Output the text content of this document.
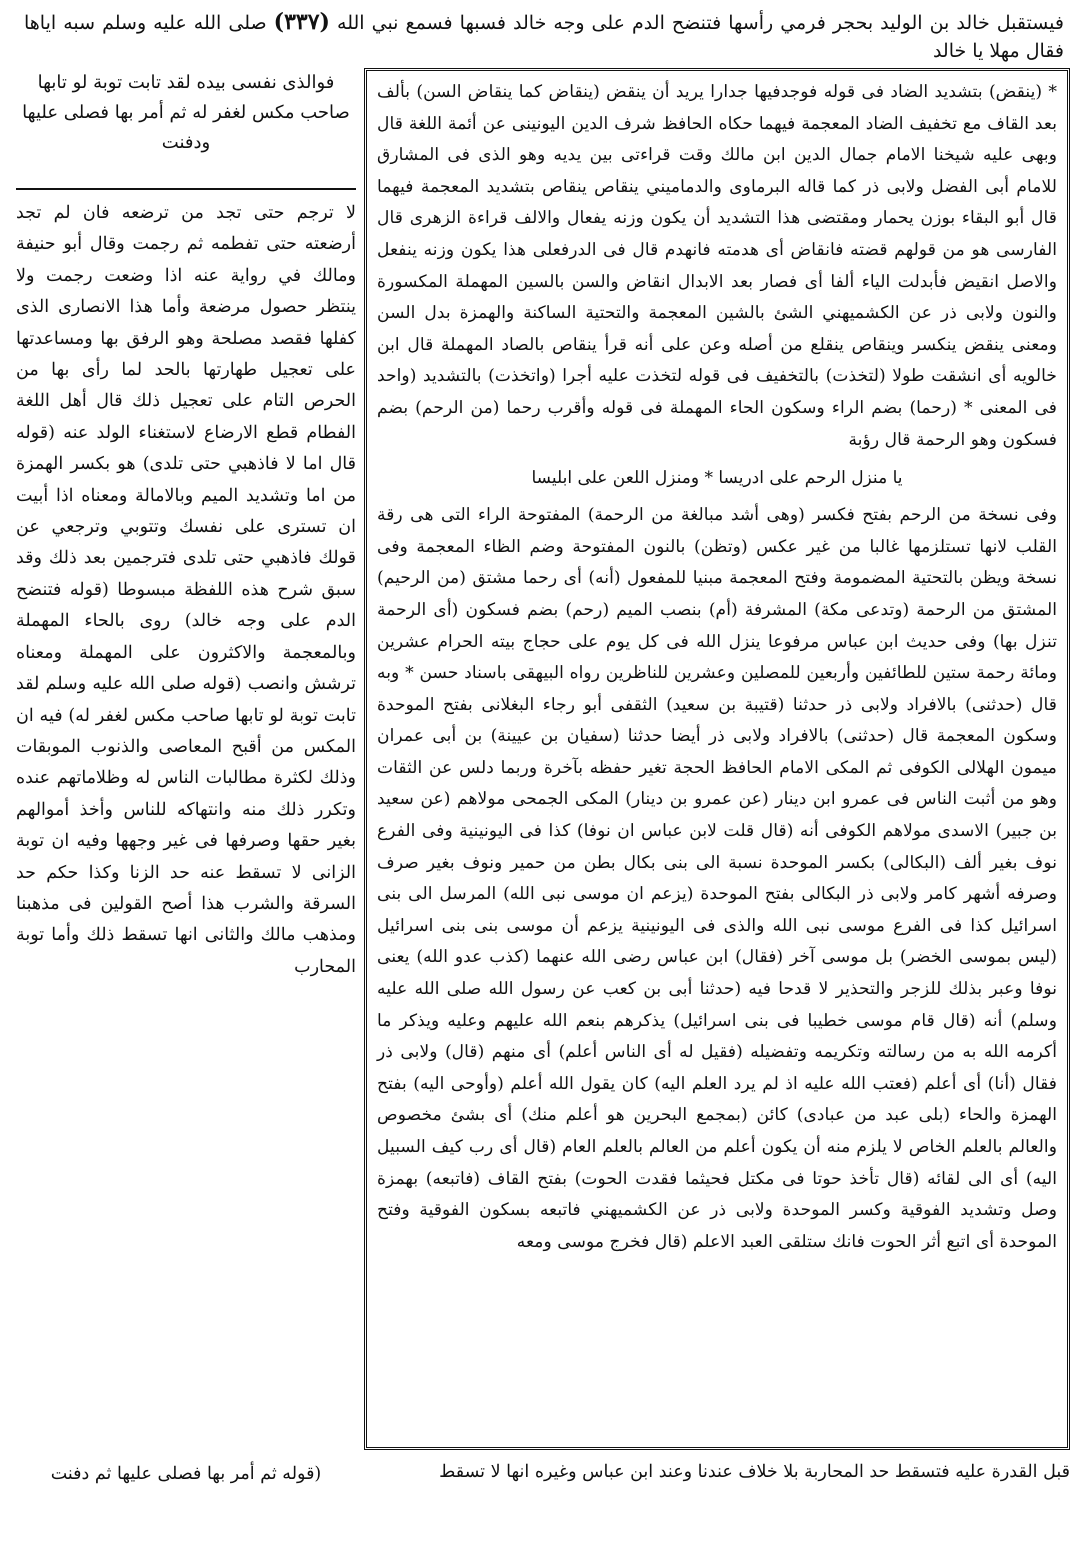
فيستقبل خالد بن الوليد بحجر فرمي رأسها فتنضح الدم على وجه خالد فسبها فسمع نبي الله (٣٣٧) صلى الله عليه وسلم سبه اياها فقال مهلا يا خالد
فوالذى نفسى بيده لقد تابت توبة لو تابها صاحب مكس لغفر له ثم أمر بها فصلى عليها ودفنت
لا ترجم حتى تجد من ترضعه فان لم تجد أرضعته حتى تفطمه ثم رجمت وقال أبو حنيفة ومالك في رواية عنه اذا وضعت رجمت ولا ينتظر حصول مرضعة وأما هذا الانصارى الذى كفلها فقصد مصلحة وهو الرفق بها ومساعدتها على تعجيل طهارتها بالحد لما رأى بها من الحرص التام على تعجيل ذلك قال أهل اللغة الفطام قطع الارضاع لاستغناء الولد عنه (قوله قال اما لا فاذهبي حتى تلدى) هو بكسر الهمزة من اما وتشديد الميم وبالامالة ومعناه اذا أبيت ان تسترى على نفسك وتتوبي وترجعي عن قولك فاذهبي حتى تلدى فترجمين بعد ذلك وقد سبق شرح هذه اللفظة مبسوطا (قوله فتنضح الدم على وجه خالد) روى بالحاء المهملة وبالمعجمة والاكثرون على المهملة ومعناه ترشش وانصب (قوله صلى الله عليه وسلم لقد تابت توبة لو تابها صاحب مكس لغفر له) فيه ان المكس من أقبح المعاصى والذنوب الموبقات وذلك لكثرة مطالبات الناس له وظلاماتهم عنده وتكرر ذلك منه وانتهاكه للناس وأخذ أموالهم بغير حقها وصرفها فى غير وجهها وفيه ان توبة الزانى لا تسقط عنه حد الزنا وكذا حكم حد السرقة والشرب هذا أصح القولين فى مذهبنا ومذهب مالك والثانى انها تسقط ذلك وأما توبة المحارب

* (ينقض) بتشديد الضاد فى قوله فوجدفيها جدارا يريد أن ينقض (ينقاض كما ينقاض السن) بألف بعد القاف مع تخفيف الضاد المعجمة فيهما حكاه الحافظ شرف الدين اليونينى عن أئمة اللغة قال وبهى عليه شيخنا الامام جمال الدين ابن مالك وقت قراءتى بين يديه وهو الذى فى المشارق للامام أبى الفضل ولابى ذر كما قاله البرماوى والدماميني ينقاص ينقاص بتشديد المعجمة فيهما قال أبو البقاء بوزن يحمار ومقتضى هذا التشديد أن يكون وزنه يفعال والالف قراءة الزهرى قال الفارسى هو من قولهم قضته فانقاض أى هدمته فانهدم قال فى الدرفعلى هذا يكون وزنه ينفعل والاصل انقيض فأبدلت الياء ألفا أى فصار بعد الابدال انقاض والسن بالسين المهملة المكسورة والنون ولابى ذر عن الكشميهني الشئ بالشين المعجمة والتحتية الساكنة والهمزة بدل السن ومعنى ينقض ينكسر وينقاص ينقلع من أصله وعن على أنه قرأ ينقاص بالصاد المهملة قال ابن خالويه أى انشقت طولا (لتخذت) بالتخفيف فى قوله لتخذت عليه أجرا (واتخذت) بالتشديد (واحد فى المعنى * (رحما) بضم الراء وسكون الحاء المهملة فى قوله وأقرب رحما (من الرحم) بضم فسكون وهو الرحمة قال رؤبة

يا منزل الرحم على ادريسا * ومنزل اللعن على ابليسا

وفى نسخة من الرحم بفتح فكسر (وهى أشد مبالغة من الرحمة) المفتوحة الراء التى هى رقة القلب لانها تستلزمها غالبا من غير عكس (وتظن) بالنون المفتوحة وضم الظاء المعجمة وفى نسخة ويظن بالتحتية المضمومة وفتح المعجمة مبنيا للمفعول (أنه) أى رحما مشتق (من الرحيم) المشتق من الرحمة (وتدعى مكة) المشرفة (أم) بنصب الميم (رحم) بضم فسكون (أى الرحمة تنزل بها) وفى حديث ابن عباس مرفوعا ينزل الله فى كل يوم على حجاج بيته الحرام عشرين ومائة رحمة ستين للطائفين وأربعين للمصلين وعشرين للناظرين رواه البيهقى باسناد حسن * وبه قال (حدثنى) بالافراد ولابى ذر حدثنا (قتيبة بن سعيد) الثقفى أبو رجاء البغلانى بفتح الموحدة وسكون المعجمة قال (حدثنى) بالافراد ولابى ذر أيضا حدثنا (سفيان بن عيينة) بن أبى عمران ميمون الهلالى الكوفى ثم المكى الامام الحافظ الحجة تغير حفظه بآخرة وربما دلس عن الثقات وهو من أثبت الناس فى عمرو ابن دينار (عن عمرو بن دينار) المكى الجمحى مولاهم (عن سعيد بن جبير) الاسدى مولاهم الكوفى أنه (قال قلت لابن عباس ان نوفا) كذا فى اليونينية وفى الفرع نوف بغير ألف (البكالى) بكسر الموحدة نسبة الى بنى بكال بطن من حمير ونوف بغير صرف وصرفه أشهر كامر ولابى ذر البكالى بفتح الموحدة (يزعم ان موسى نبى الله) المرسل الى بنى اسرائيل كذا فى الفرع موسى نبى الله والذى فى اليونينية يزعم أن موسى بنى بنى اسرائيل (ليس بموسى الخضر) بل موسى آخر (فقال) ابن عباس رضى الله عنهما (كذب عدو الله) يعنى نوفا وعبر بذلك للزجر والتحذير لا قدحا فيه (حدثنا أبى بن كعب عن رسول الله صلى الله عليه وسلم) أنه (قال قام موسى خطيبا فى بنى اسرائيل) يذكرهم بنعم الله عليهم وعليه ويذكر ما أكرمه الله به من رسالته وتكريمه وتفضيله (فقيل له أى الناس أعلم) أى منهم (قال) ولابى ذر فقال (أنا) أى أعلم (فعتب الله عليه اذ لم يرد العلم اليه) كان يقول الله أعلم (وأوحى اليه) بفتح الهمزة والحاء (بلى عبد من عبادى) كائن (بمجمع البحرين هو أعلم منك) أى بشئ مخصوص والعالم بالعلم الخاص لا يلزم منه أن يكون أعلم من العالم بالعلم العام (قال أى رب كيف السبيل اليه) أى الى لقائه (قال تأخذ حوتا فى مكتل فحيثما فقدت الحوت) بفتح القاف (فاتبعه) بهمزة وصل وتشديد الفوقية وكسر الموحدة ولابى ذر عن الكشميهني فاتبعه بسكون الفوقية وفتح الموحدة أى اتبع أثر الحوت فانك ستلقى العبد الاعلم (قال فخرج موسى ومعه

قبل القدرة عليه فتسقط حد المحاربة بلا خلاف عندنا وعند ابن عباس وغيره انها لا تسقط
(قوله ثم أمر بها فصلى عليها ثم دفنت
